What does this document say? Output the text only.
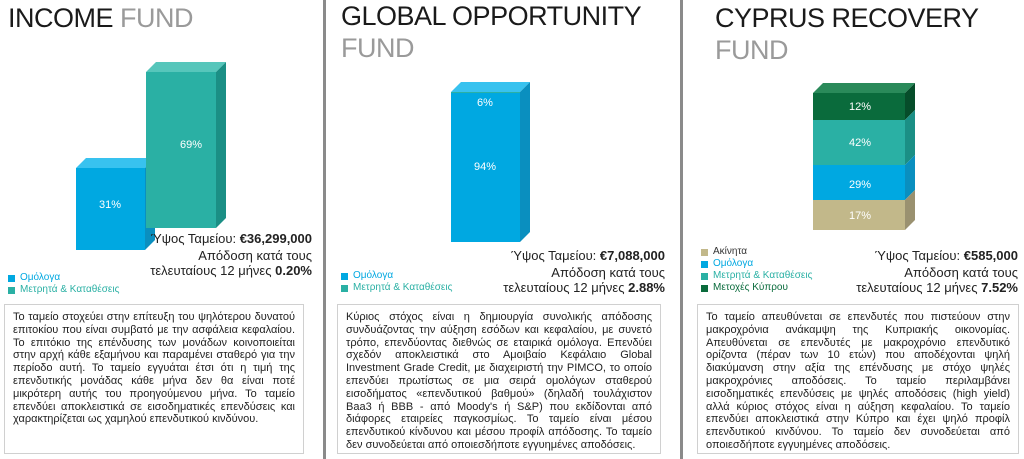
INCOME FUND
31%
69%
Ύψος Ταμείου: €36,299,000
Απόδοση κατά τους
τελευταίους 12 μήνες 0.20%
Ομόλογα
Μετρητά & Καταθέσεις

Το ταμείο στοχεύει στην επίτευξη του ψηλότερου δυνατού επιτοκίου που είναι συμβατό με την ασφάλεια κεφαλαίου. Το επιτόκιο της επένδυσης των μονάδων κοινοποιείται στην αρχή κάθε εξαμήνου και παραμένει σταθερό για την περίοδο αυτή. Το ταμείο εγγυάται έτσι ότι η τιμή της επενδυτικής μονάδας κάθε μήνα δεν θα είναι ποτέ μικρότερη αυτής του προηγούμενου μήνα. Το ταμείο επενδύει αποκλειστικά σε εισοδηματικές επενδύσεις και χαρακτηρίζεται ως χαμηλού επενδυτικού κινδύνου.

GLOBAL OPPORTUNITY
FUND
6%
94%
Ύψος Ταμείου: €7,088,000
Απόδοση κατά τους
τελευταίους 12 μήνες 2.88%
Ομόλογα
Μετρητά & Καταθέσεις

Κύριος στόχος είναι η δημιουργία συνολικής απόδοσης συνδυάζοντας την αύξηση εσόδων και κεφαλαίου, με συνετό τρόπο, επενδύοντας διεθνώς σε εταιρικά ομόλογα. Επενδύει σχεδόν αποκλειστικά στο Αμοιβαίο Κεφάλαιο Global Investment Grade Credit, με διαχειριστή την PIMCO, το οποίο επενδύει πρωτίστως σε μια σειρά ομολόγων σταθερού εισοδήματος «επενδυτικού βαθμού» (δηλαδή τουλάχιστον Baa3 ή BBB - από Moody's ή S&P) που εκδίδονται από διάφορες εταιρείες παγκοσμίως. Το ταμείο είναι μέσου επενδυτικού κίνδυνου και μέσου προφίλ απόδοσης. Το ταμείο δεν συνοδεύεται από οποιεσδήποτε εγγυημένες αποδόσεις.

CYPRUS RECOVERY
FUND
12%
42%
29%
17%
Ύψος Ταμείου: €585,000
Απόδοση κατά τους
τελευταίους 12 μήνες 7.52%
Ακίνητα
Ομόλογα
Μετρητά & Καταθέσεις
Μετοχές Κύπρου

Το ταμείο απευθύνεται σε επενδυτές που πιστεύουν στην μακροχρόνια ανάκαμψη της Κυπριακής οικονομίας. Απευθύνεται σε επενδυτές με μακροχρόνιο επενδυτικό ορίζοντα (πέραν των 10 ετών) που αποδέχονται ψηλή διακύμανση στην αξία της επένδυσης με στόχο ψηλές μακροχρόνιες αποδόσεις. Το ταμείο περιλαμβάνει εισοδηματικές επενδύσεις με ψηλές αποδόσεις (high yield) αλλά κύριος στόχος είναι η αύξηση κεφαλαίου. Το ταμείο επενδύει αποκλειστικά στην Κύπρο και έχει ψηλό προφίλ επενδυτικού κινδύνου. Το ταμείο δεν συνοδεύεται από οποιεσδήποτε εγγυημένες αποδόσεις.
